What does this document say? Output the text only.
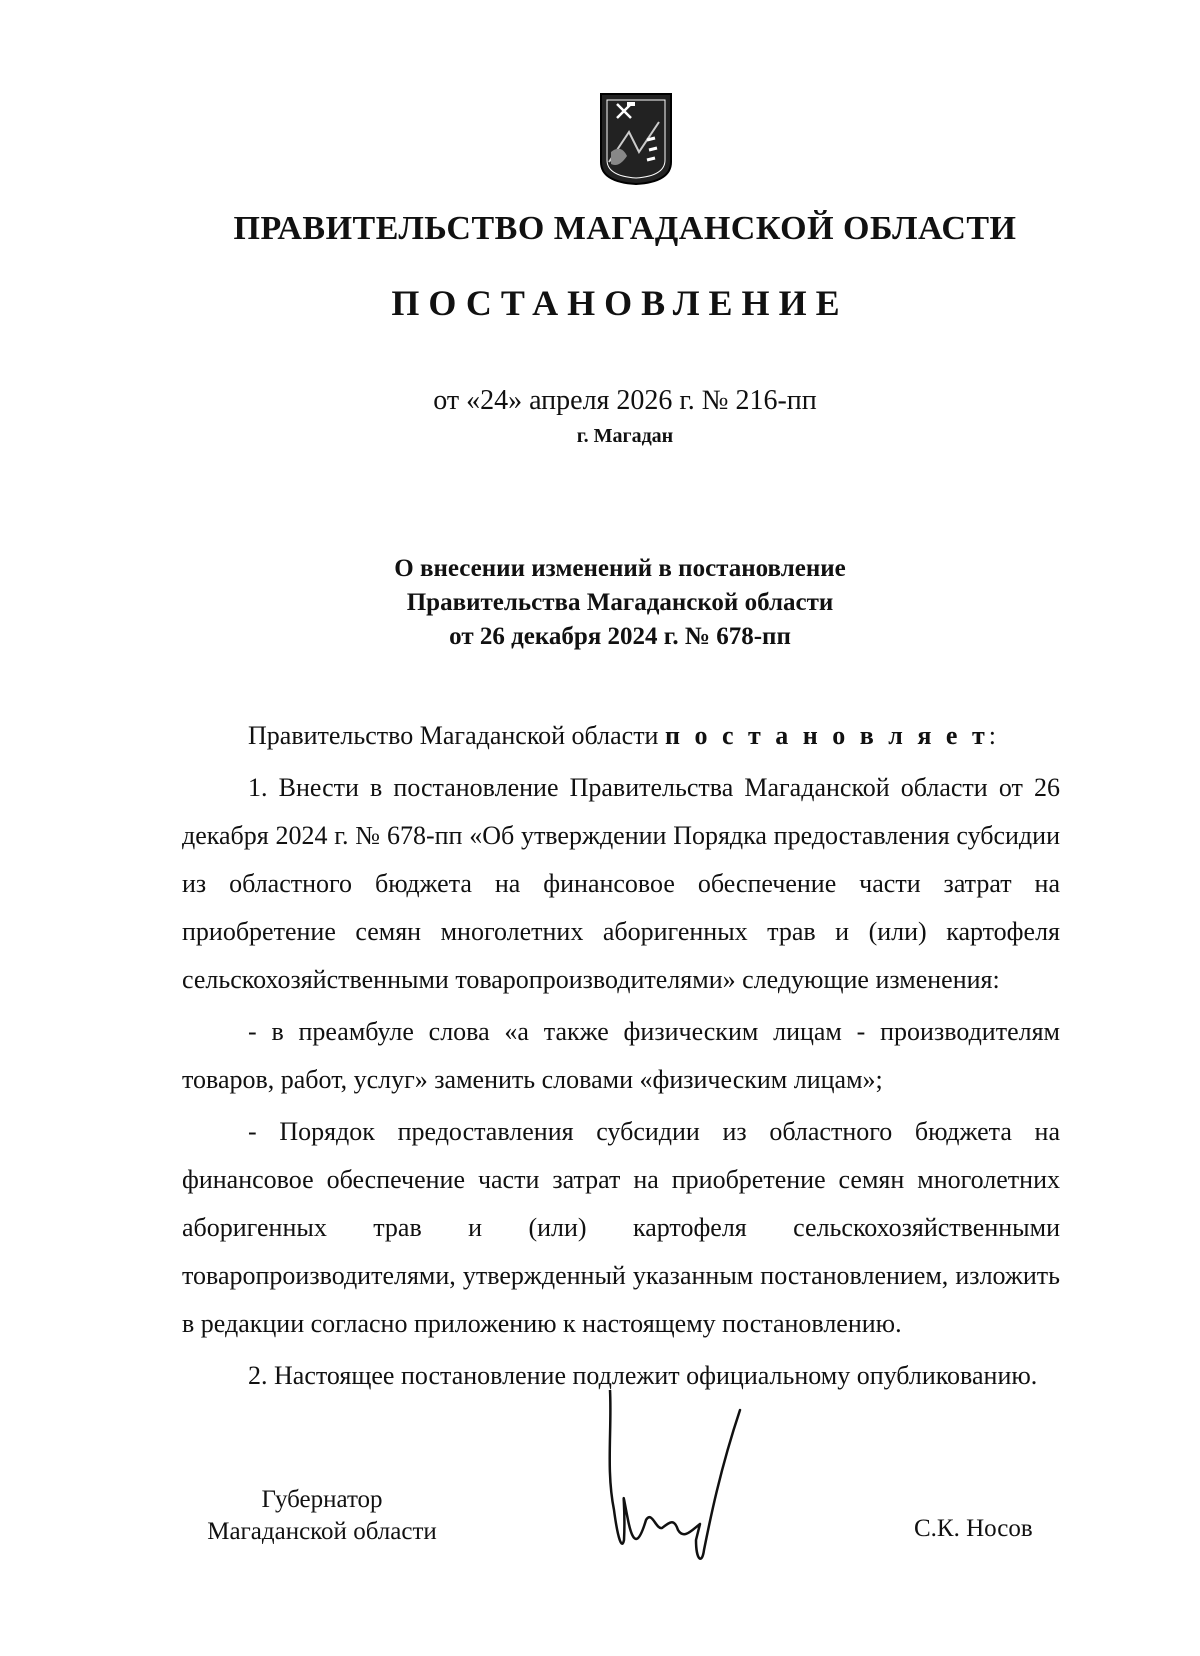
ПРАВИТЕЛЬСТВО МАГАДАНСКОЙ ОБЛАСТИ
ПОСТАНОВЛЕНИЕ
от «24» апреля 2026 г. № 216-пп
г. Магадан
О внесении изменений в постановление
Правительства Магаданской области
от 26 декабря 2024 г. № 678-пп

Правительство Магаданской области п о с т а н о в л я е т:

1. Внести в постановление Правительства Магаданской области от 26 декабря 2024 г. № 678-пп «Об утверждении Порядка предоставления субсидии из областного бюджета на финансовое обеспечение части затрат на приобретение семян многолетних аборигенных трав и (или) картофеля сельскохозяйственными товаропроизводителями» следующие изменения:

- в преамбуле слова «а также физическим лицам - производителям товаров, работ, услуг» заменить словами «физическим лицам»;

- Порядок предоставления субсидии из областного бюджета на финансовое обеспечение части затрат на приобретение семян многолетних аборигенных трав и (или) картофеля сельскохозяйственными товаропроизводителями, утвержденный указанным постановлением, изложить в редакции согласно приложению к настоящему постановлению.

2. Настоящее постановление подлежит официальному опубликованию.

Губернатор
Магаданской области	С.К. Носов
